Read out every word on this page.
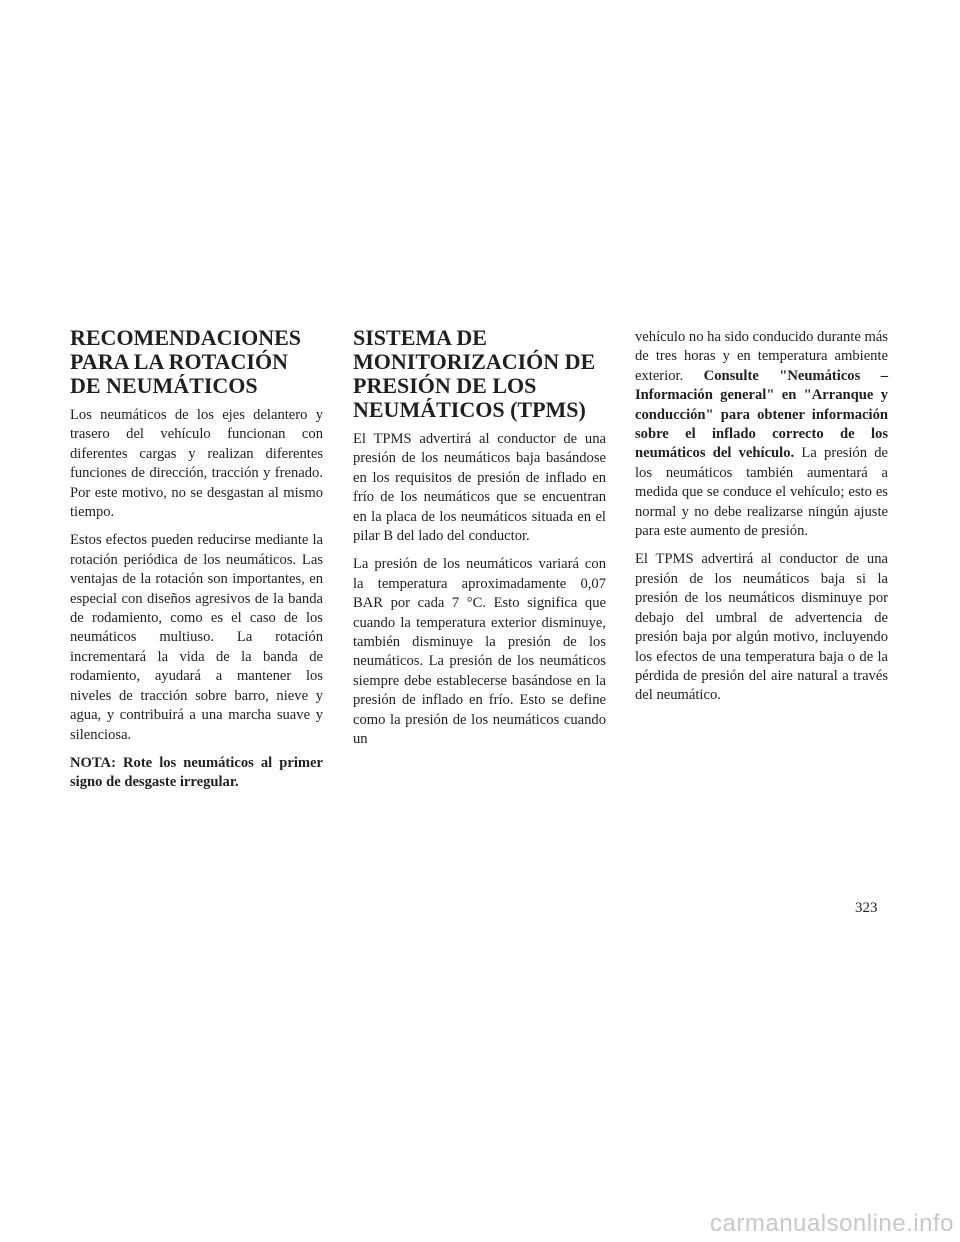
RECOMENDACIONES PARA LA ROTACIÓN DE NEUMÁTICOS

Los neumáticos de los ejes delantero y trasero del vehículo funcionan con diferentes cargas y realizan diferentes funciones de dirección, tracción y frenado. Por este motivo, no se desgastan al mismo tiempo.

Estos efectos pueden reducirse mediante la rotación periódica de los neumáticos. Las ventajas de la rotación son importantes, en especial con diseños agresivos de la banda de rodamiento, como es el caso de los neumáticos multiuso. La rotación incrementará la vida de la banda de rodamiento, ayudará a mantener los niveles de tracción sobre barro, nieve y agua, y contribuirá a una marcha suave y silenciosa.

NOTA: Rote los neumáticos al primer signo de desgaste irregular.

SISTEMA DE MONITORIZACIÓN DE PRESIÓN DE LOS NEUMÁTICOS (TPMS)

El TPMS advertirá al conductor de una presión de los neumáticos baja basándose en los requisitos de presión de inflado en frío de los neumáticos que se encuentran en la placa de los neumáticos situada en el pilar B del lado del conductor.

La presión de los neumáticos variará con la temperatura aproximadamente 0,07 BAR por cada 7 °C. Esto significa que cuando la temperatura exterior disminuye, también disminuye la presión de los neumáticos. La presión de los neumáticos siempre debe establecerse basándose en la presión de inflado en frío. Esto se define como la presión de los neumáticos cuando un

vehículo no ha sido conducido durante más de tres horas y en temperatura ambiente exterior. Consulte "Neumáticos – Información general" en "Arranque y conducción" para obtener información sobre el inflado correcto de los neumáticos del vehículo. La presión de los neumáticos también aumentará a medida que se conduce el vehículo; esto es normal y no debe realizarse ningún ajuste para este aumento de presión.

El TPMS advertirá al conductor de una presión de los neumáticos baja si la presión de los neumáticos disminuye por debajo del umbral de advertencia de presión baja por algún motivo, incluyendo los efectos de una temperatura baja o de la pérdida de presión del aire natural a través del neumático.

323
carmanualsonline.info
